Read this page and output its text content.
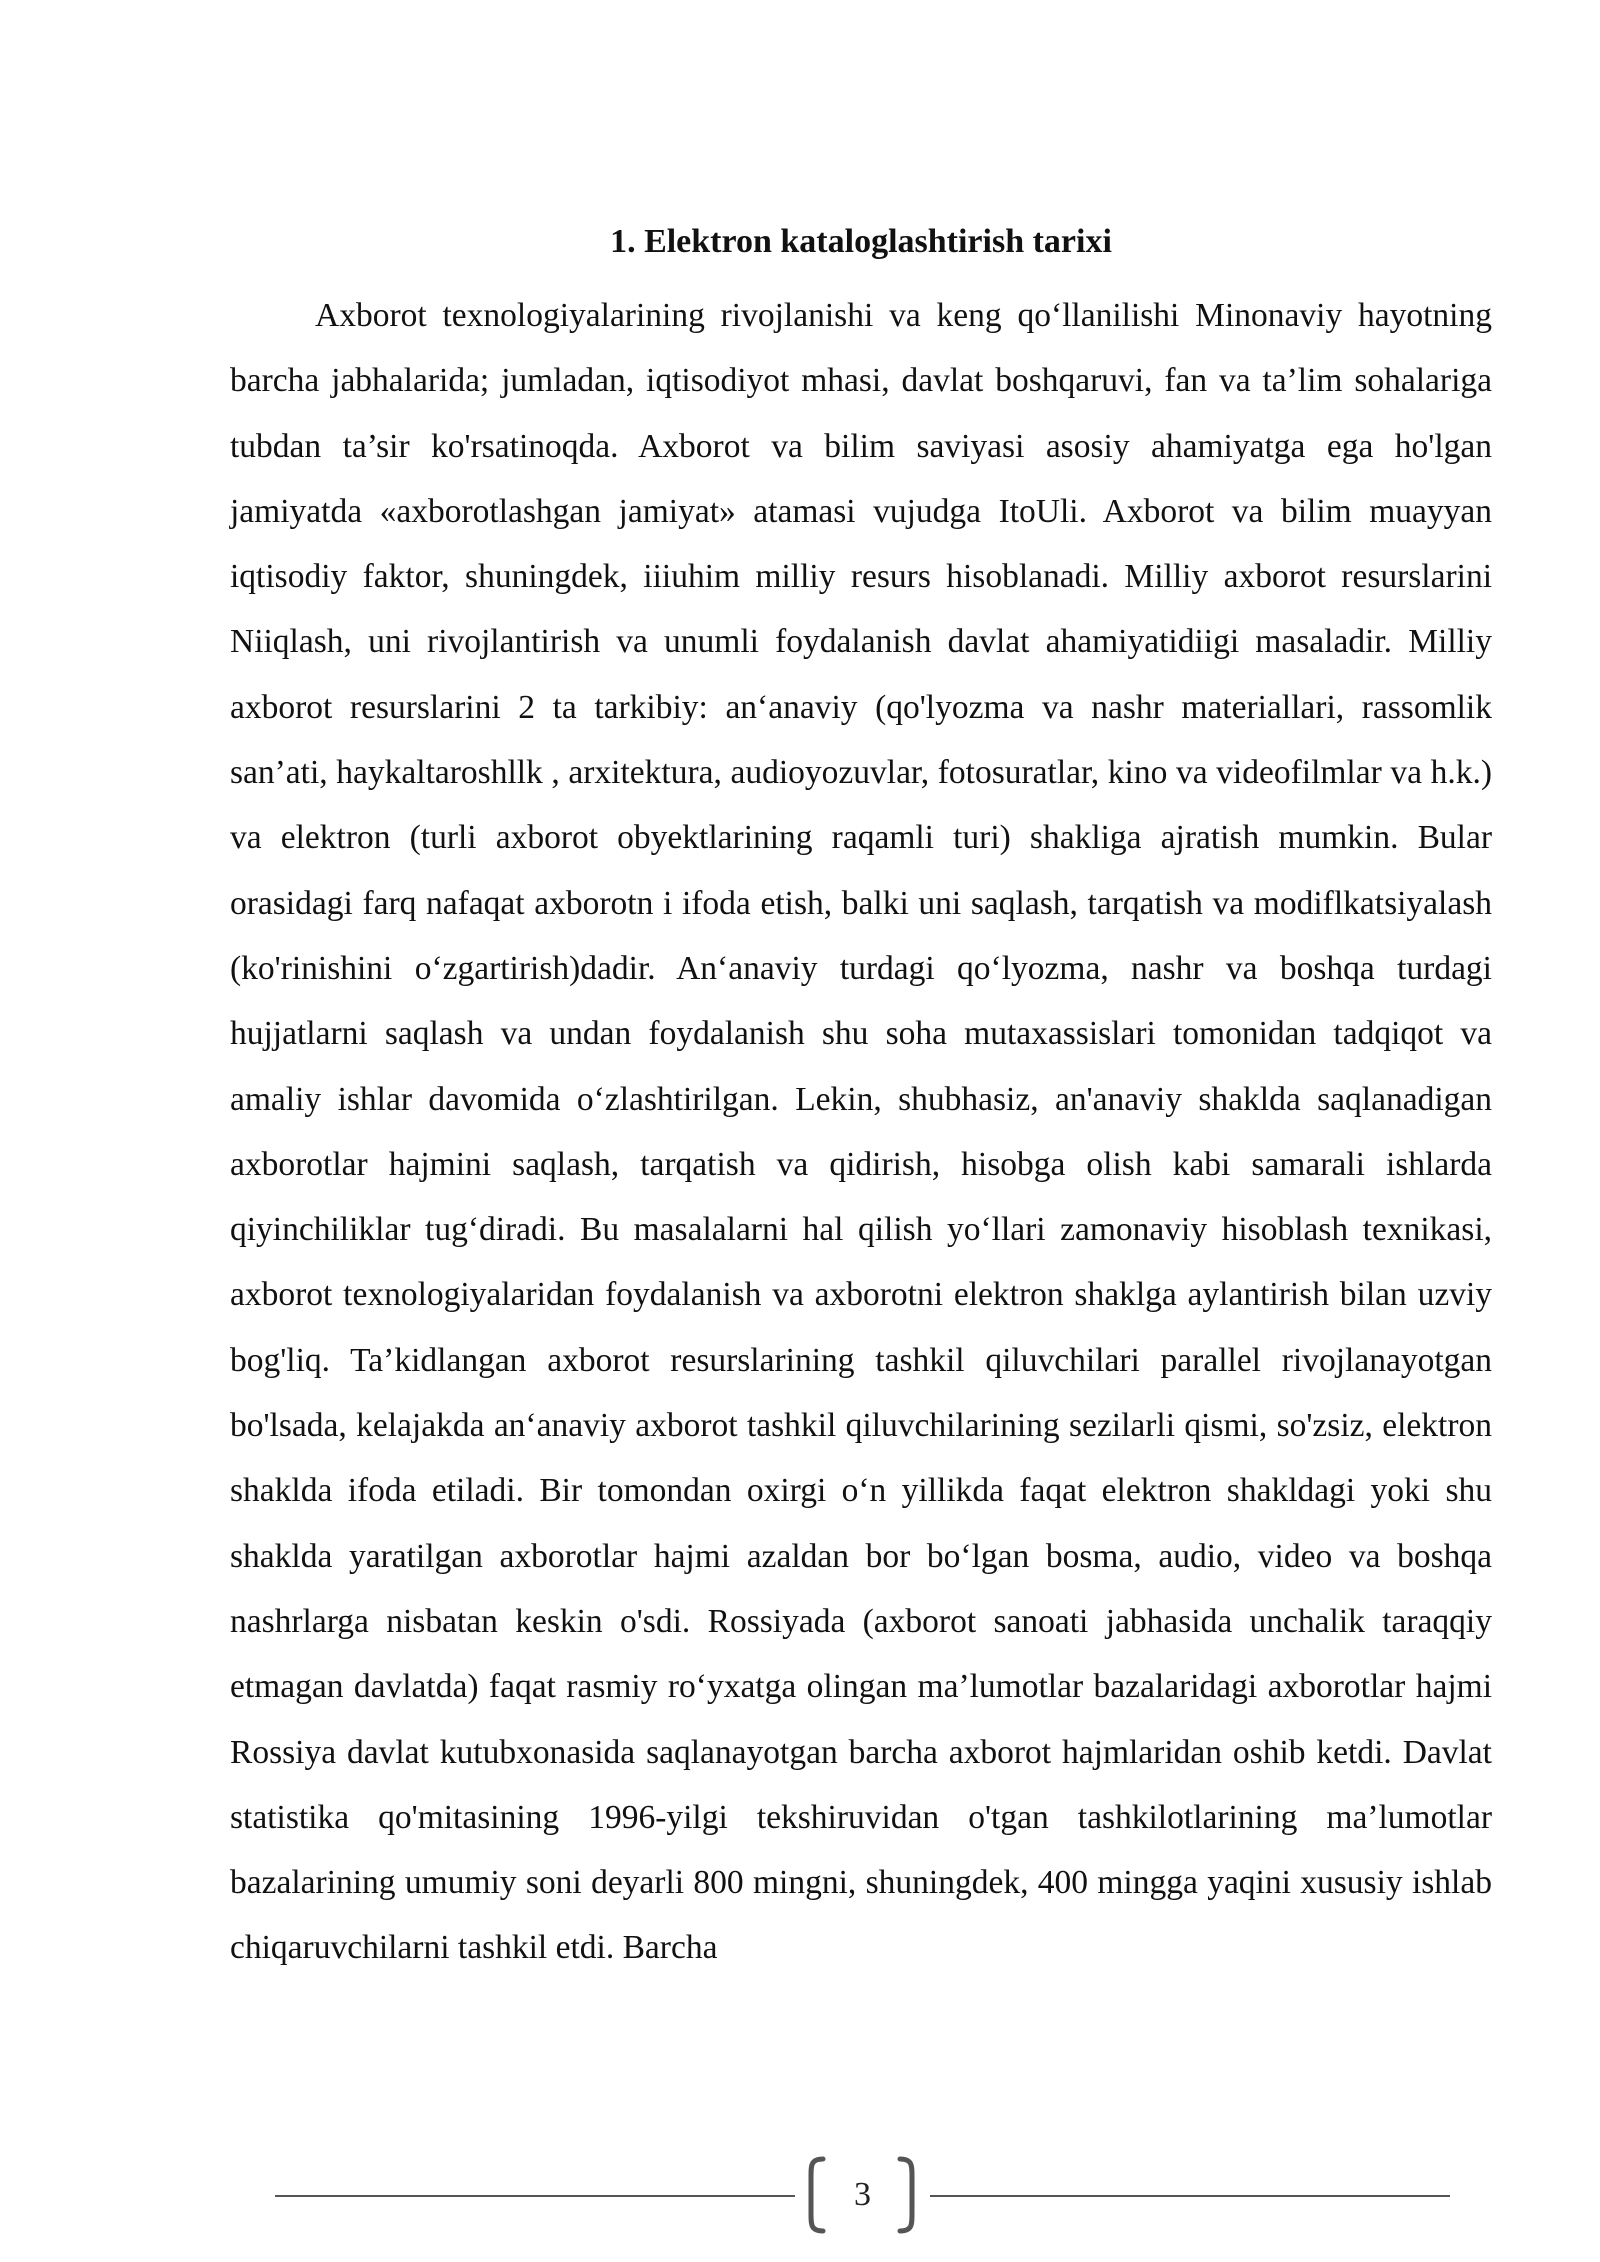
1. Elektron kataloglashtirish tarixi

Axborot texnologiyalarining rivojlanishi va keng qo‘llanilishi Minonaviy hayotning barcha jabhalarida; jumladan, iqtisodiyot mhasi, davlat boshqaruvi, fan va ta’lim sohalariga tubdan ta’sir ko'rsatinoqda. Axborot va bilim saviyasi asosiy ahamiyatga ega ho'lgan jamiyatda «axborotlashgan jamiyat» atamasi vujudga ItoUli. Axborot va bilim muayyan iqtisodiy faktor, shuningdek, iiiuhim milliy resurs hisoblanadi. Milliy axborot resurslarini Niiqlash, uni rivojlantirish va unumli foydalanish davlat ahamiyatidiigi masaladir. Milliy axborot resurslarini 2 ta tarkibiy: an‘anaviy (qo'lyozma va nashr materiallari, rassomlik san’ati, haykaltaroshllk , arxitektura, audioyozuvlar, fotosuratlar, kino va videofilmlar va h.k.) va elektron (turli axborot obyektlarining raqamli turi) shakliga ajratish mumkin. Bular orasidagi farq nafaqat axborotn i ifoda etish, balki uni saqlash, tarqatish va modiflkatsiyalash (ko'rinishini o‘zgartirish)dadir. An‘anaviy turdagi qo‘lyozma, nashr va boshqa turdagi hujjatlarni saqlash va undan foydalanish shu soha mutaxassislari tomonidan tadqiqot va amaliy ishlar davomida o‘zlashtirilgan. Lekin, shubhasiz, an'anaviy shaklda saqlanadigan axborotlar hajmini saqlash, tarqatish va qidirish, hisobga olish kabi samarali ishlarda qiyinchiliklar tug‘diradi. Bu masalalarni hal qilish yo‘llari zamonaviy hisoblash texnikasi, axborot texnologiyalaridan foydalanish va axborotni elektron shaklga aylantirish bilan uzviy bog'liq. Ta’kidlangan axborot resurslarining tashkil qiluvchilari parallel rivojlanayotgan bo'lsada, kelajakda an‘anaviy axborot tashkil qiluvchilarining sezilarli qismi, so'zsiz, elektron shaklda ifoda etiladi. Bir tomondan oxirgi o‘n yillikda faqat elektron shakldagi yoki shu shaklda yaratilgan axborotlar hajmi azaldan bor bo‘lgan bosma, audio, video va boshqa nashrlarga nisbatan keskin o'sdi. Rossiyada (axborot sanoati jabhasida unchalik taraqqiy etmagan davlatda) faqat rasmiy ro‘yxatga olingan ma’lumotlar bazalaridagi axborotlar hajmi Rossiya davlat kutubxonasida saqlanayotgan barcha axborot hajmlaridan oshib ketdi. Davlat statistika qo'mitasining 1996-yilgi tekshiruvidan o'tgan tashkilotlarining ma’lumotlar bazalarining umumiy soni deyarli 800 mingni, shuningdek, 400 mingga yaqini xususiy ishlab chiqaruvchilarni tashkil etdi. Barcha

3
